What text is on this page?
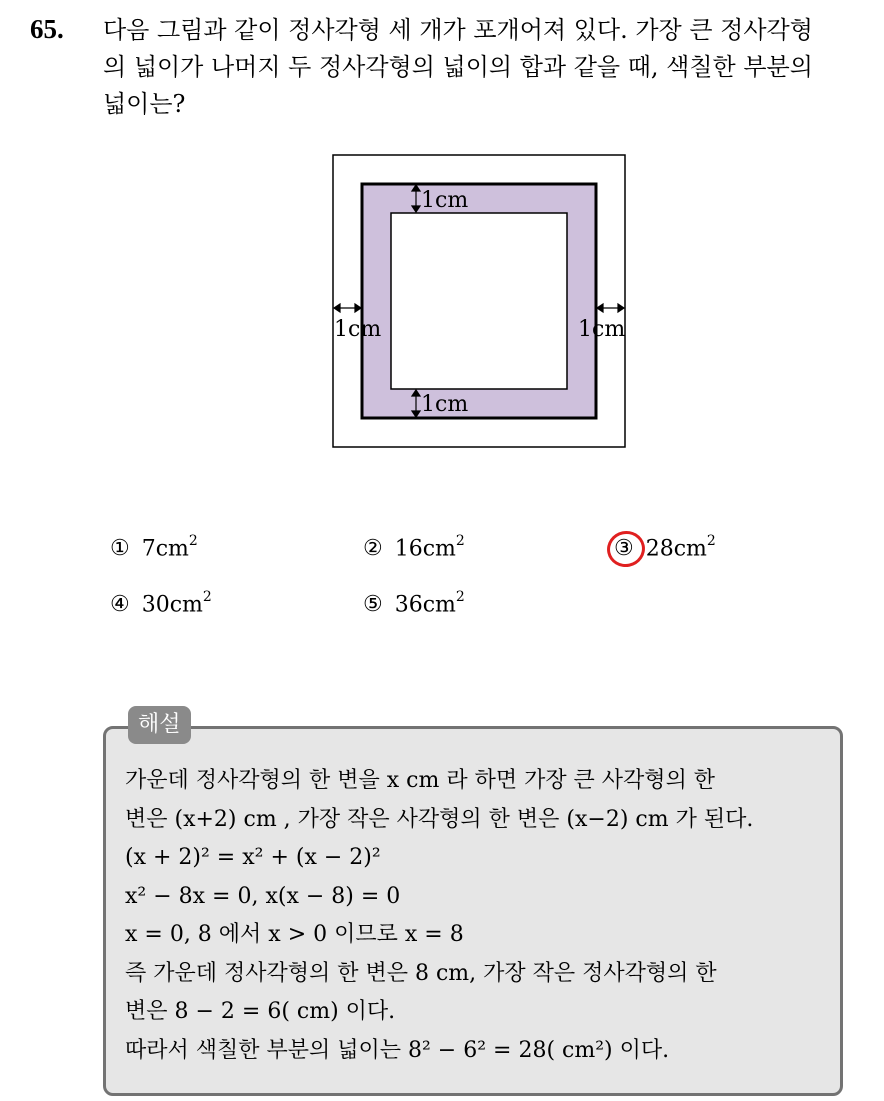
65. 다음 그림과 같이 정사각형 세 개가 포개어져 있다. 가장 큰 정사각형
의 넓이가 나머지 두 정사각형의 넓이의 합과 같을 때, 색칠한 부분의
넓이는?
1cm
1cm
1cm	1cm
① $7cm^2$	② $16cm^2$	③ $28cm^2$
④ $30cm^2$	⑤ $36cm^2$
해설
가운데 정사각형의 한 변을 x cm 라 하면 가장 큰 사각형의 한
변은 (x+2) cm , 가장 작은 사각형의 한 변은 (x−2) cm 가 된다.
(x + 2)² = x² + (x − 2)²
x² − 8x = 0, x(x − 8) = 0
x = 0, 8 에서 x > 0 이므로 x = 8
즉 가운데 정사각형의 한 변은 8 cm, 가장 작은 정사각형의 한
변은 8 − 2 = 6( cm) 이다.
따라서 색칠한 부분의 넓이는 8² − 6² = 28( cm²) 이다.
